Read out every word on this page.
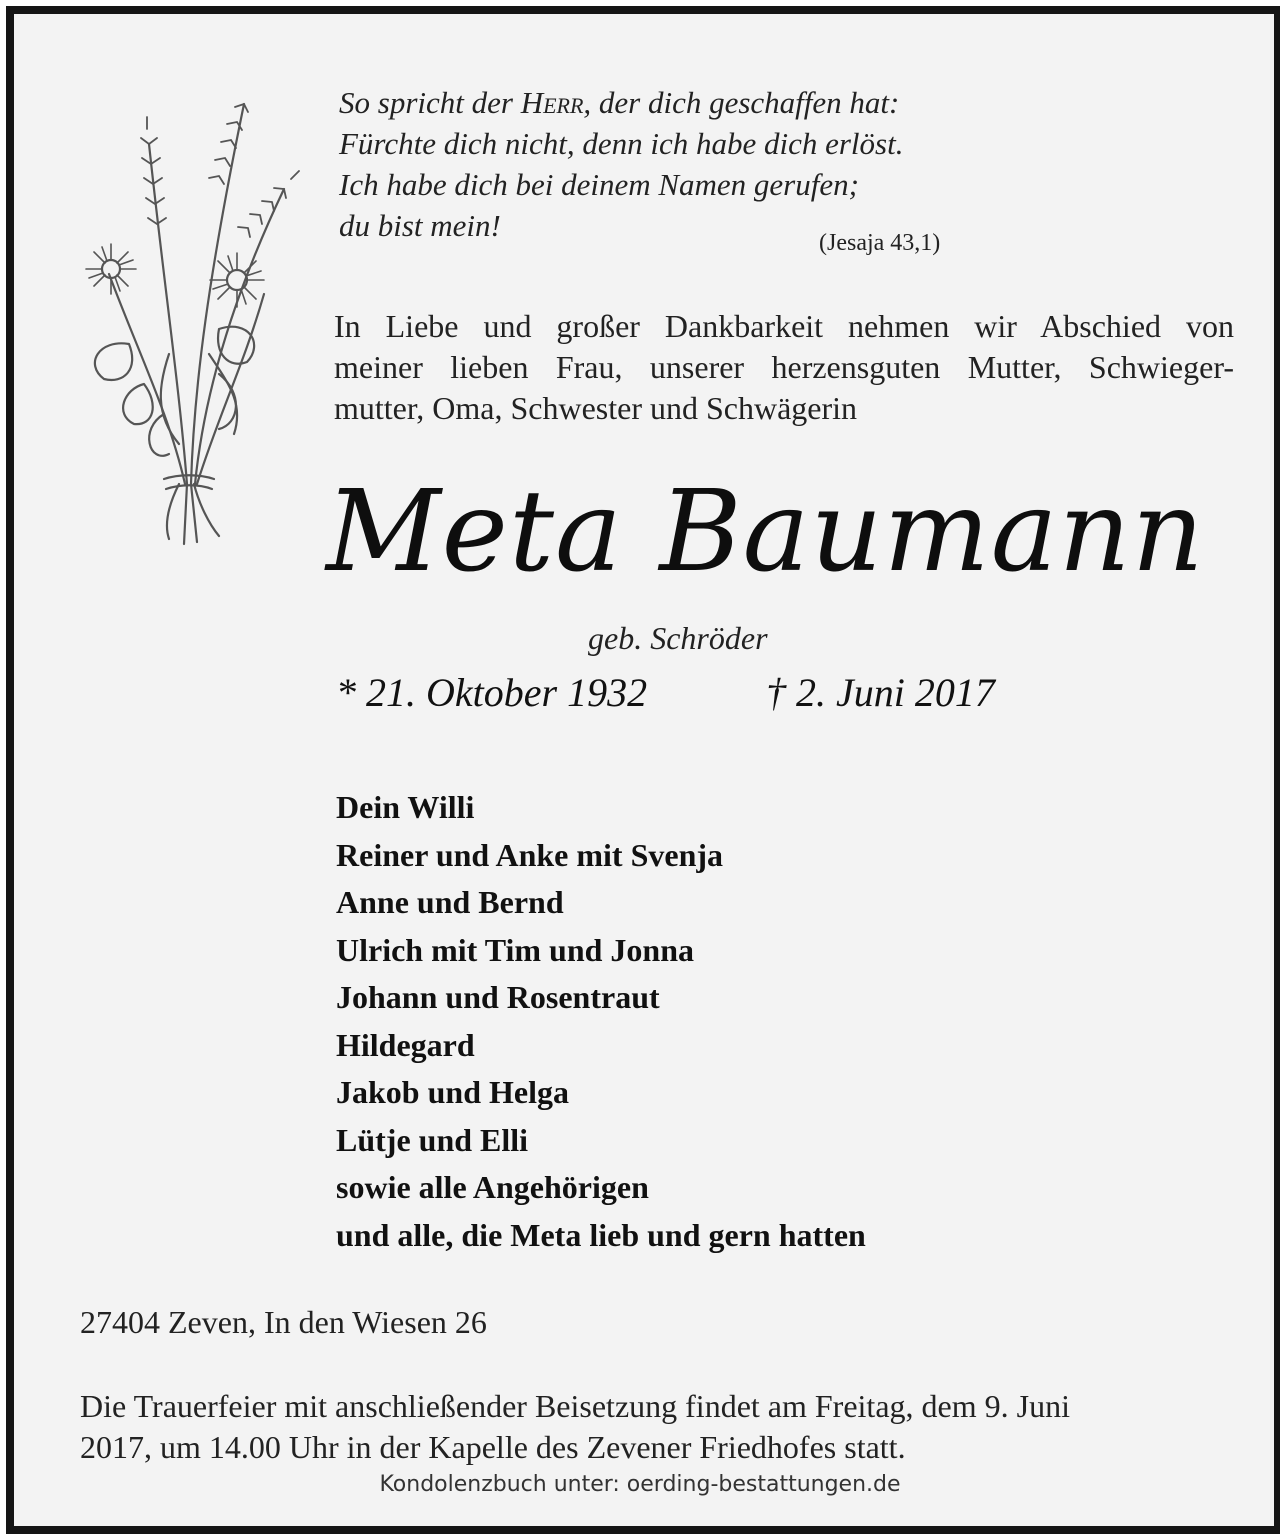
So spricht der Herr, der dich geschaffen hat:
Fürchte dich nicht, denn ich habe dich erlöst.
Ich habe dich bei deinem Namen gerufen;
du bist mein!	(Jesaja 43,1)
In Liebe und großer Dankbarkeit nehmen wir Abschied von
meiner lieben Frau, unserer herzensguten Mutter, Schwieger-
mutter, Oma, Schwester und Schwägerin
Meta Baumann
geb. Schröder
* 21. Oktober 1932	† 2. Juni 2017
Dein Willi
Reiner und Anke mit Svenja
Anne und Bernd
Ulrich mit Tim und Jonna
Johann und Rosentraut
Hildegard
Jakob und Helga
Lütje und Elli
sowie alle Angehörigen
und alle, die Meta lieb und gern hatten
27404 Zeven, In den Wiesen 26
Die Trauerfeier mit anschließender Beisetzung findet am Freitag, dem 9. Juni
2017, um 14.00 Uhr in der Kapelle des Zevener Friedhofes statt.
Kondolenzbuch unter: oerding-bestattungen.de
